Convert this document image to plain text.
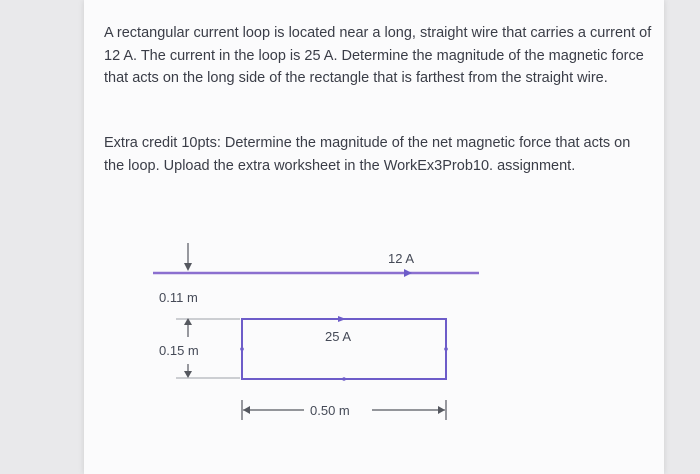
A rectangular current loop is located near a long, straight wire that carries a current of 12 A. The current in the loop is 25 A. Determine the magnitude of the magnetic force that acts on the long side of the rectangle that is farthest from the straight wire.

Extra credit 10pts: Determine the magnitude of the net magnetic force that acts on the loop. Upload the extra worksheet in the WorkEx3Prob10. assignment.

12 A
0.11 m
0.15 m
25 A
0.50 m
